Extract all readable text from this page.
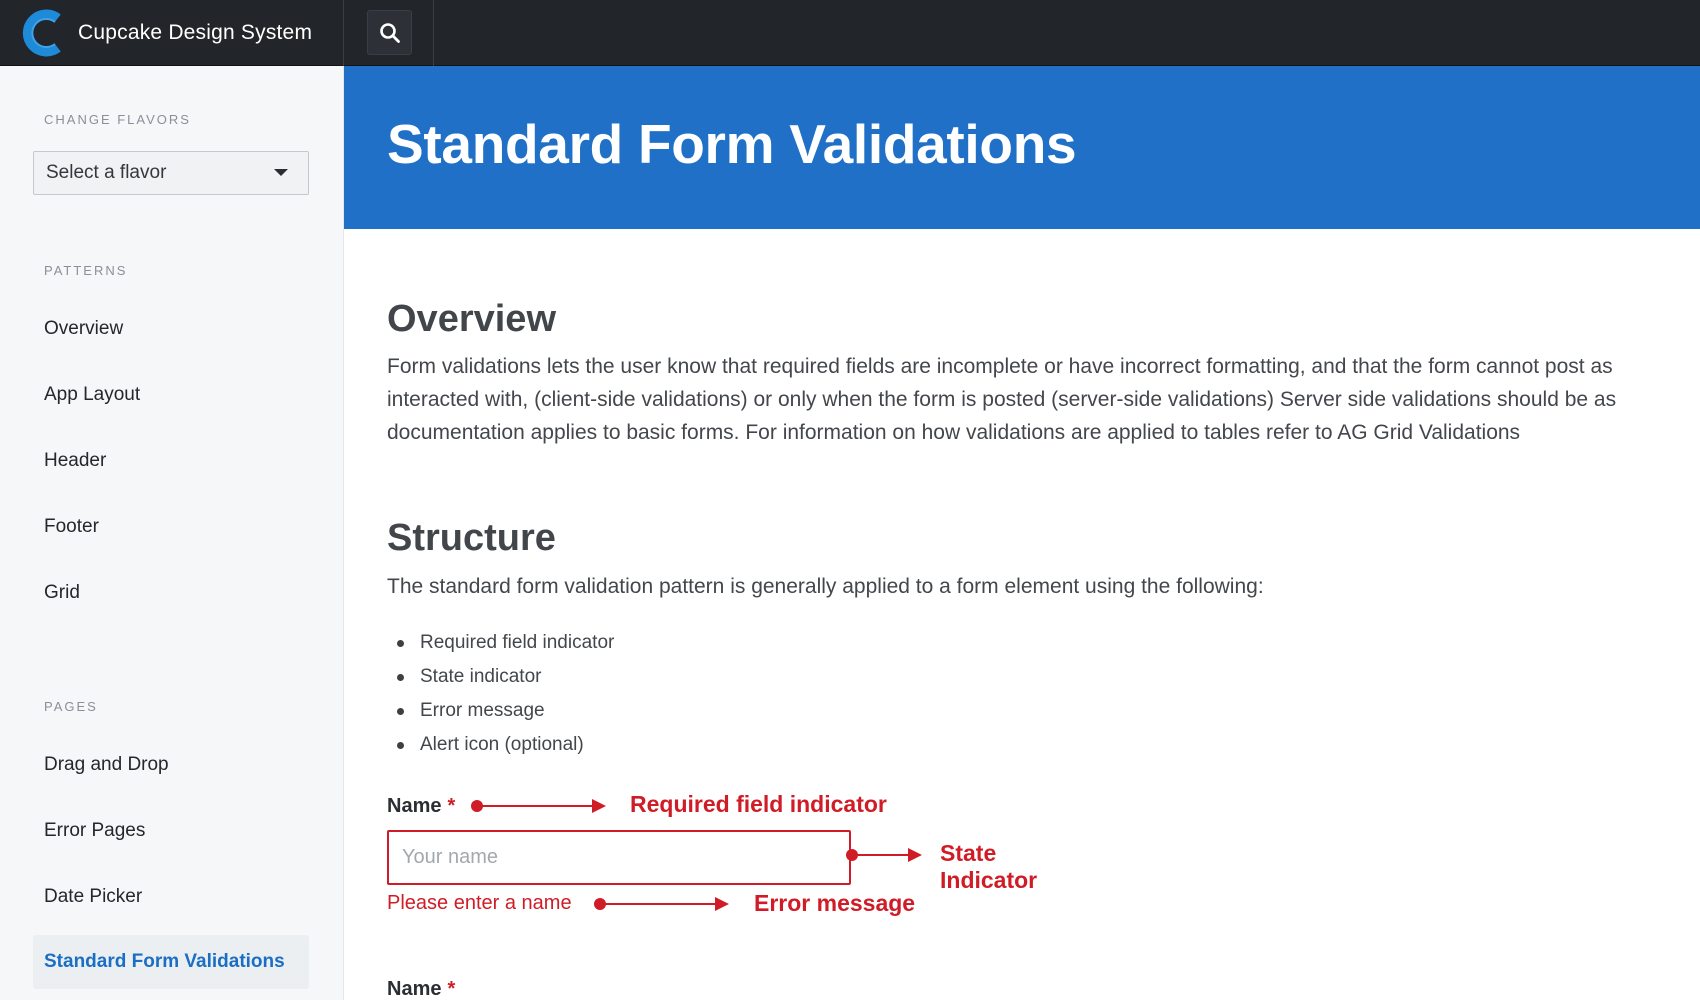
Cupcake Design System
CHANGE FLAVORS
Select a flavor
PATTERNS
Overview
App Layout
Header
Footer
Grid
PAGES
Drag and Drop
Error Pages
Date Picker
Standard Form Validations
Standard Form Validations
Overview

Form validations lets the user know that required fields are incomplete or have incorrect formatting, and that the form cannot post as

interacted with, (client-side validations) or only when the form is posted (server-side validations) Server side validations should be as

documentation applies to basic forms. For information on how validations are applied to tables refer to AG Grid Validations

Structure

The standard form validation pattern is generally applied to a form element using the following:

Required field indicator
State indicator
Error message
Alert icon (optional)
Name *
Your name
Please enter a name
Required field indicator
State
Indicator
Error message
Name *
